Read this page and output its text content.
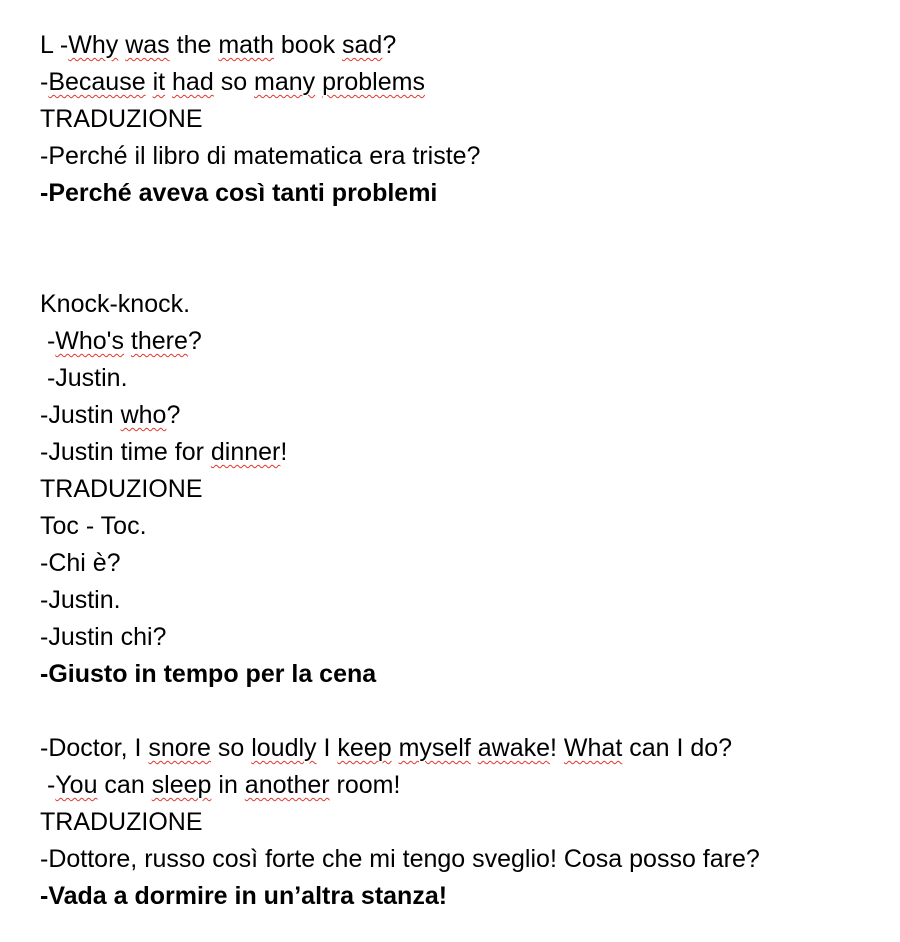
L -Why was the math book sad?
-Because it had so many problems
TRADUZIONE
-Perché il libro di matematica era triste?
-Perché aveva così tanti problemi
Knock-knock.
-Who's there?
-Justin.
-Justin who?
-Justin time for dinner!
TRADUZIONE
Toc - Toc.
-Chi è?
-Justin.
-Justin chi?
-Giusto in tempo per la cena
-Doctor, I snore so loudly I keep myself awake! What can I do?
-You can sleep in another room!
TRADUZIONE
-Dottore, russo così forte che mi tengo sveglio! Cosa posso fare?
-Vada a dormire in un’altra stanza!
